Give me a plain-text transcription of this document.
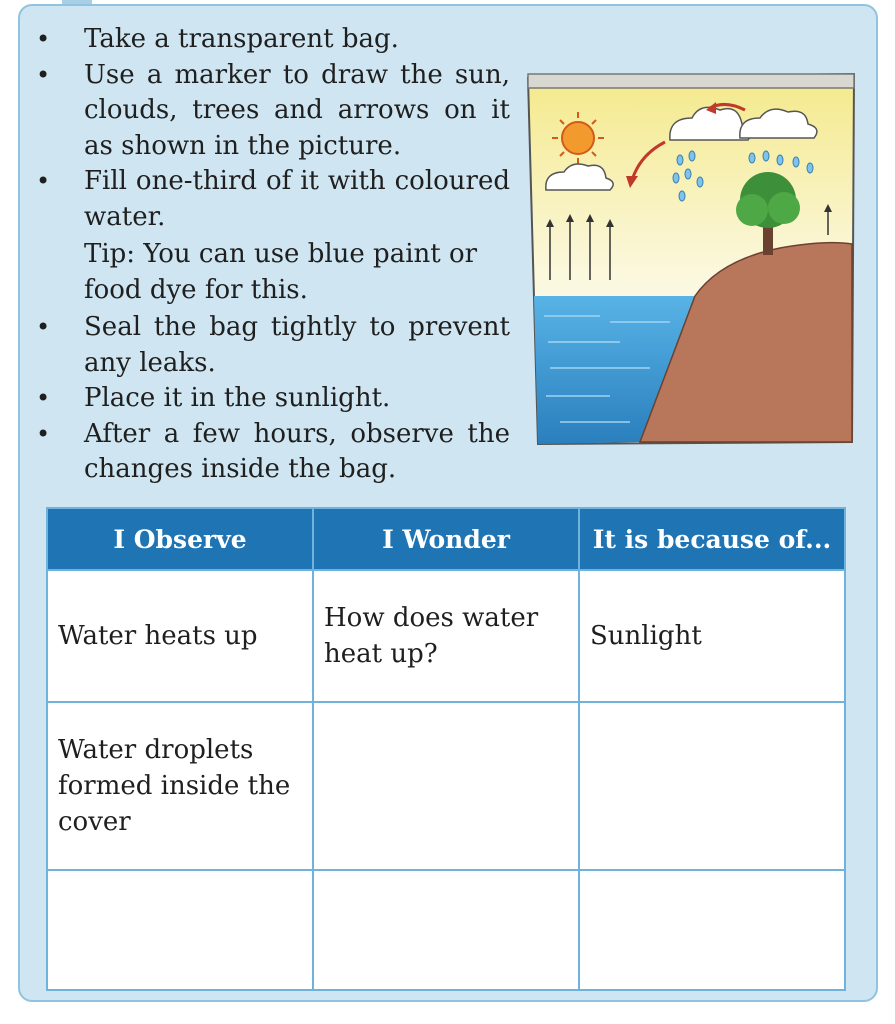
• Take a transparent bag.
• Use a marker to draw the sun, clouds, trees and arrows on it as shown in the picture.
• Fill one-third of it with coloured water.
Tip: You can use blue paint or food dye for this.
• Seal the bag tightly to prevent any leaks.
• Place it in the sunlight.
• After a few hours, observe the changes inside the bag.
I Observe	I Wonder	It is because of...
Water heats up	How does water heat up?	Sunlight
Water droplets formed inside the cover		
